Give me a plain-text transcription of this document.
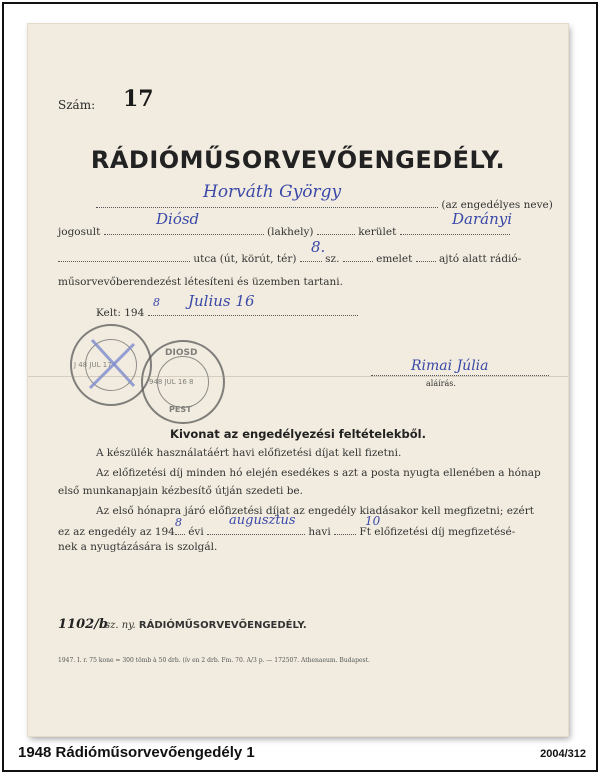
Szám: 17
RÁDIÓMŰSORVEVŐENGEDÉLY.
(az engedélyes neve)
Horváth György
jogosult	(lakhely)	kerület
Diósd	Darányi
utca (út, körút, tér)	sz.	emelet	ajtó alatt rádió-
8.
műsorvevőberendezést létesíteni és üzemben tartani.
Kelt: 194
8 Julius 16
Rimai Júlia
aláírás.
J 48 JUL 17
DIOSD
948 JUL 16 8
PEST
Kivonat az engedélyezési feltételekből.
A készülék használatáért havi előfizetési díjat kell fizetni.
Az előfizetési díj minden hó elején esedékes s azt a posta nyugta ellenében a hónap
első munkanapjain kézbesítő útján szedeti be.
Az első hónapra járó előfizetési díjat az engedély kiadásakor kell megfizetni; ezért
ez az engedély az 194 évi	havi	Ft előfizetési díj megfizetésé-
8	augusztus	10
nek a nyugtázására is szolgál.
1102/b
sz. ny. RÁDIÓMŰSORVEVŐENGEDÉLY.
1947. I. r. 75 kone = 300 tömb à 50 drb. (ív en 2 drb. Fm. 70. A/3 p. — 172507. Athenaeum. Budapest.
1948 Rádióműsorvevőengedély 1	2004/312
